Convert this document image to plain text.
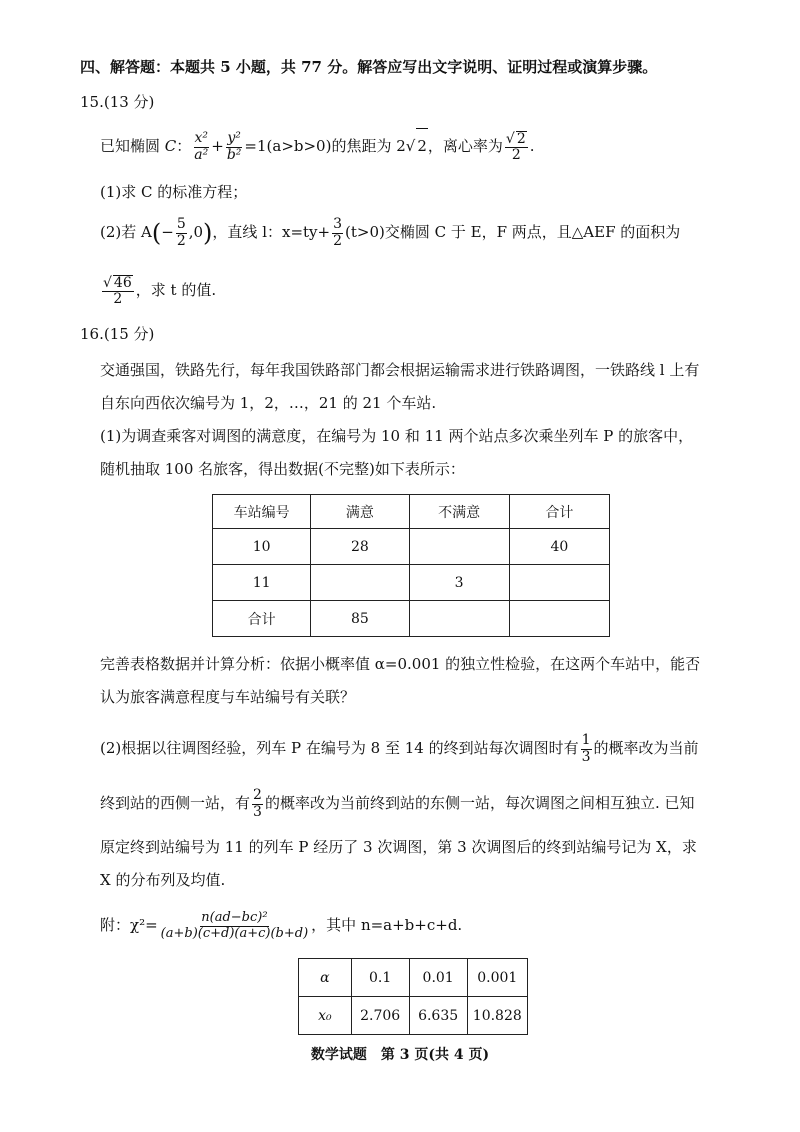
四、解答题：本题共 5 小题，共 77 分。解答应写出文字说明、证明过程或演算步骤。
15.(13 分)
已知椭圆 C： $\frac{\text{x²}}{\text{a²}} + \frac{\text{y²}}{\text{b²}} =1(a>b>0)$的焦距为 2√ 2，离心率为 $\frac{√ 2}{2}$ .
(1)求 C 的标准方程；
(2)若 $A(- \frac{5}{2} ,0)$，直线 l：$x=ty+ \frac{3}{2} (t>0)$交椭圆 C 于 E，F 两点，且△AEF 的面积为
$\frac{√ 46}{2}$ ，求 t 的值.
16.(15 分)
交通强国，铁路先行，每年我国铁路部门都会根据运输需求进行铁路调图，一铁路线 l 上有
自东向西依次编号为 1，2，…，21 的 21 个车站.
(1)为调查乘客对调图的满意度，在编号为 10 和 11 两个站点多次乘坐列车 P 的旅客中，
随机抽取 100 名旅客，得出数据(不完整)如下表所示：
车站编号	满意	不满意	合计
10	28		40
11		3	
合计	85		
完善表格数据并计算分析：依据小概率值 α=0.001 的独立性检验，在这两个车站中，能否
认为旅客满意程度与车站编号有关联？
(2)根据以往调图经验，列车 P 在编号为 8 至 14 的终到站每次调图时有 $\frac{1}{3}$ 的概率改为当前
终到站的西侧一站，有 $\frac{2}{3}$ 的概率改为当前终到站的东侧一站，每次调图之间相互独立. 已知
原定终到站编号为 11 的列车 P 经历了 3 次调图，第 3 次调图后的终到站编号记为 X，求
X 的分布列及均值.
附：$\chi^2= \frac{\text{n(ad−bc)²}}{(a+b)(c+d)(a+c)(b+d)}$ ，其中 n=a+b+c+d.
α	0.1	0.01	0.001
x₀	2.706	6.635	10.828
数学试题　第 3 页(共 4 页)
